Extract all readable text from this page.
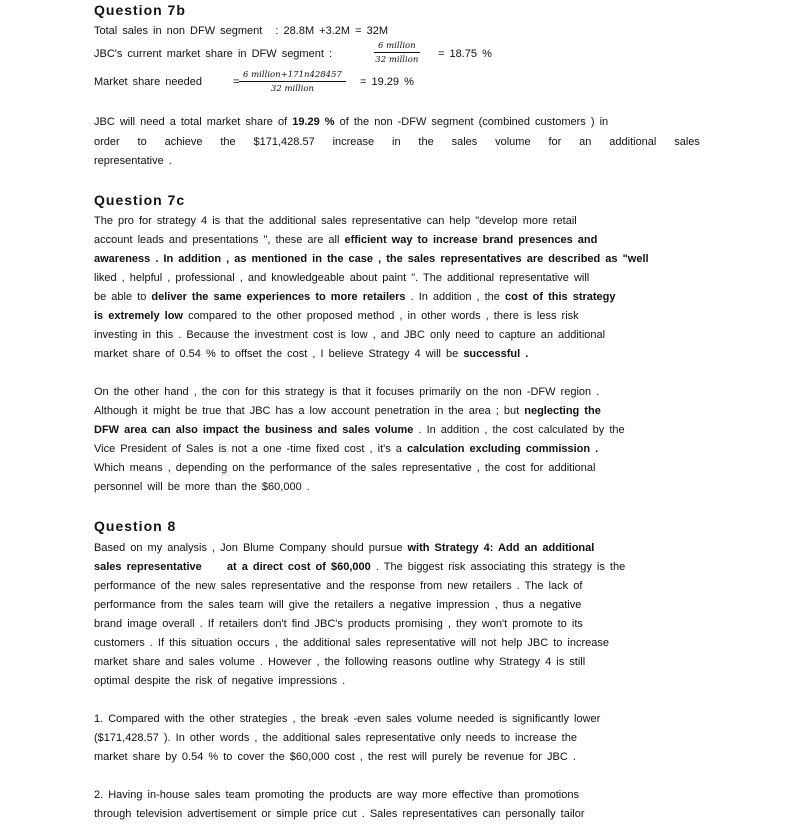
Question 7b
Total sales in non DFW segment : 28.8M +3.2M = 32M
JBC's current market share in DFW segment :
6 million
32 million = 18.75 %
Market share needed	=
6 million+171n428457
32 million
= 19.29 %
JBC will need a total market share of 19.29 % of the non -DFW segment (combined customers ) in
order to achieve the $171,428.57 increase in the sales volume for an additional sales
representative .
Question 7c
The pro for strategy 4 is that the additional sales representative can help "develop more retail
account leads and presentations ", these are all efficient way to increase brand presences and
awareness . In addition , as mentioned in the case , the sales representatives are described as "well
liked , helpful , professional , and knowledgeable about paint ". The additional representative will
be able to deliver the same experiences to more retailers . In addition , the cost of this strategy
is extremely low compared to the other proposed method , in other words , there is less risk
investing in this . Because the investment cost is low , and JBC only need to capture an additional
market share of 0.54 % to offset the cost , I believe Strategy 4 will be successful .
On the other hand , the con for this strategy is that it focuses primarily on the non -DFW region .
Although it might be true that JBC has a low account penetration in the area ; but neglecting the
DFW area can also impact the business and sales volume . In addition , the cost calculated by the
Vice President of Sales is not a one -time fixed cost , it's a calculation excluding commission .
Which means , depending on the performance of the sales representative , the cost for additional
personnel will be more than the $60,000 .
Question 8
Based on my analysis , Jon Blume Company should pursue with Strategy 4: Add an additional
sales representative at a direct cost of $60,000 . The biggest risk associating this strategy is the
performance of the new sales representative and the response from new retailers . The lack of
performance from the sales team will give the retailers a negative impression , thus a negative
brand image overall . If retailers don't find JBC's products promising , they won't promote to its
customers . If this situation occurs , the additional sales representative will not help JBC to increase
market share and sales volume . However , the following reasons outline why Strategy 4 is still
optimal despite the risk of negative impressions .
1. Compared with the other strategies , the break -even sales volume needed is significantly lower
($171,428.57 ). In other words , the additional sales representative only needs to increase the
market share by 0.54 % to cover the $60,000 cost , the rest will purely be revenue for JBC .
2. Having in-house sales team promoting the products are way more effective than promotions
through television advertisement or simple price cut . Sales representatives can personally tailor
